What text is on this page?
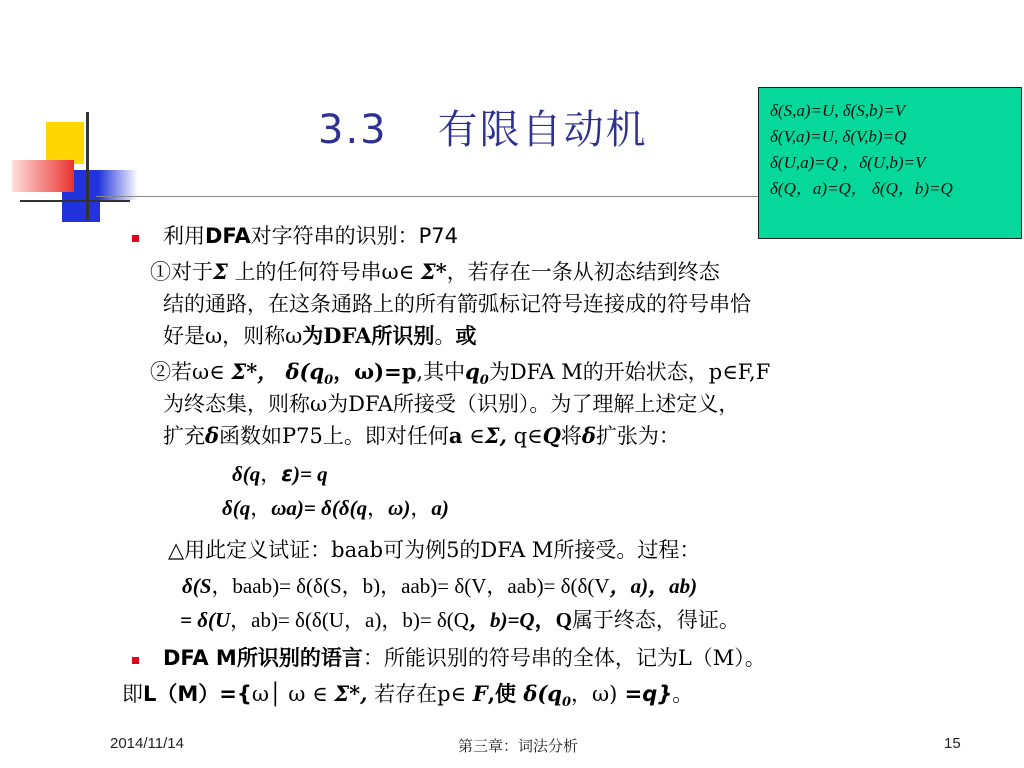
3.3 有限自动机	δ(S,a)=U, δ(S,b)=V
δ(V,a)=U, δ(V,b)=Q
δ(U,a)=Q ，δ(U,b)=V
δ(Q，a)=Q， δ(Q，b)=Q
利用DFA对字符串的识别：P74
①对于Σ 上的任何符号串ω∈ Σ*，若存在一条从初态结到终态
结的通路，在这条通路上的所有箭弧标记符号连接成的符号串恰
好是ω，则称ω为DFA所识别。或
②若ω∈ Σ*， $\delta(q_0$，ω)=p,其中$q_0$为DFA M的开始状态，p∈F,F
为终态集，则称ω为DFA所接受（识别）。为了理解上述定义，
扩充δ函数如P75上。即对任何a ∈Σ, q∈Q将δ扩张为：
δ(q，ε)= q
δ(q，ωa)= δ(δ(q，ω)，a)
△用此定义试证：baab可为例5的DFA M所接受。过程：
δ(S，baab)= δ(δ(S，b)，aab)= δ(V，aab)= δ(δ(V，a)，ab)
= δ(U，ab)= δ(δ(U，a)，b)= δ(Q，b)=Q，Q属于终态，得证。
DFA M所识别的语言：所能识别的符号串的全体，记为L（M）。
即L（M）={ω│ ω ∈ Σ*, 若存在p∈ F,使 $\delta(q_0$，ω) =q}。
2014/11/14	第三章：词法分析	15
